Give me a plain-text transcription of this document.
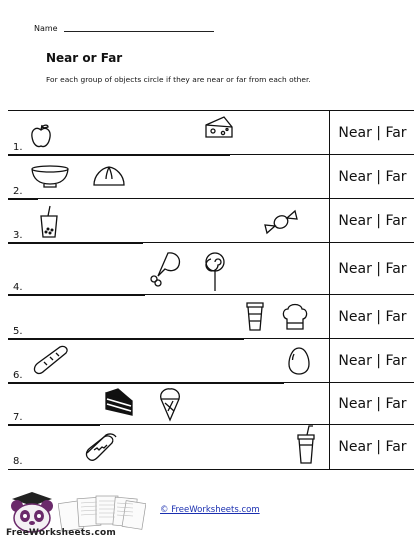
Name
Near or Far
For each group of objects circle if they are near or far from each other.
1.
Near | Far
2.
Near | Far
3.
Near | Far
4.
Near | Far
5.
Near | Far
6.
Near | Far
7.
Near | Far
8.
Near | Far
FreeWorksheets.com
© FreeWorksheets.com
